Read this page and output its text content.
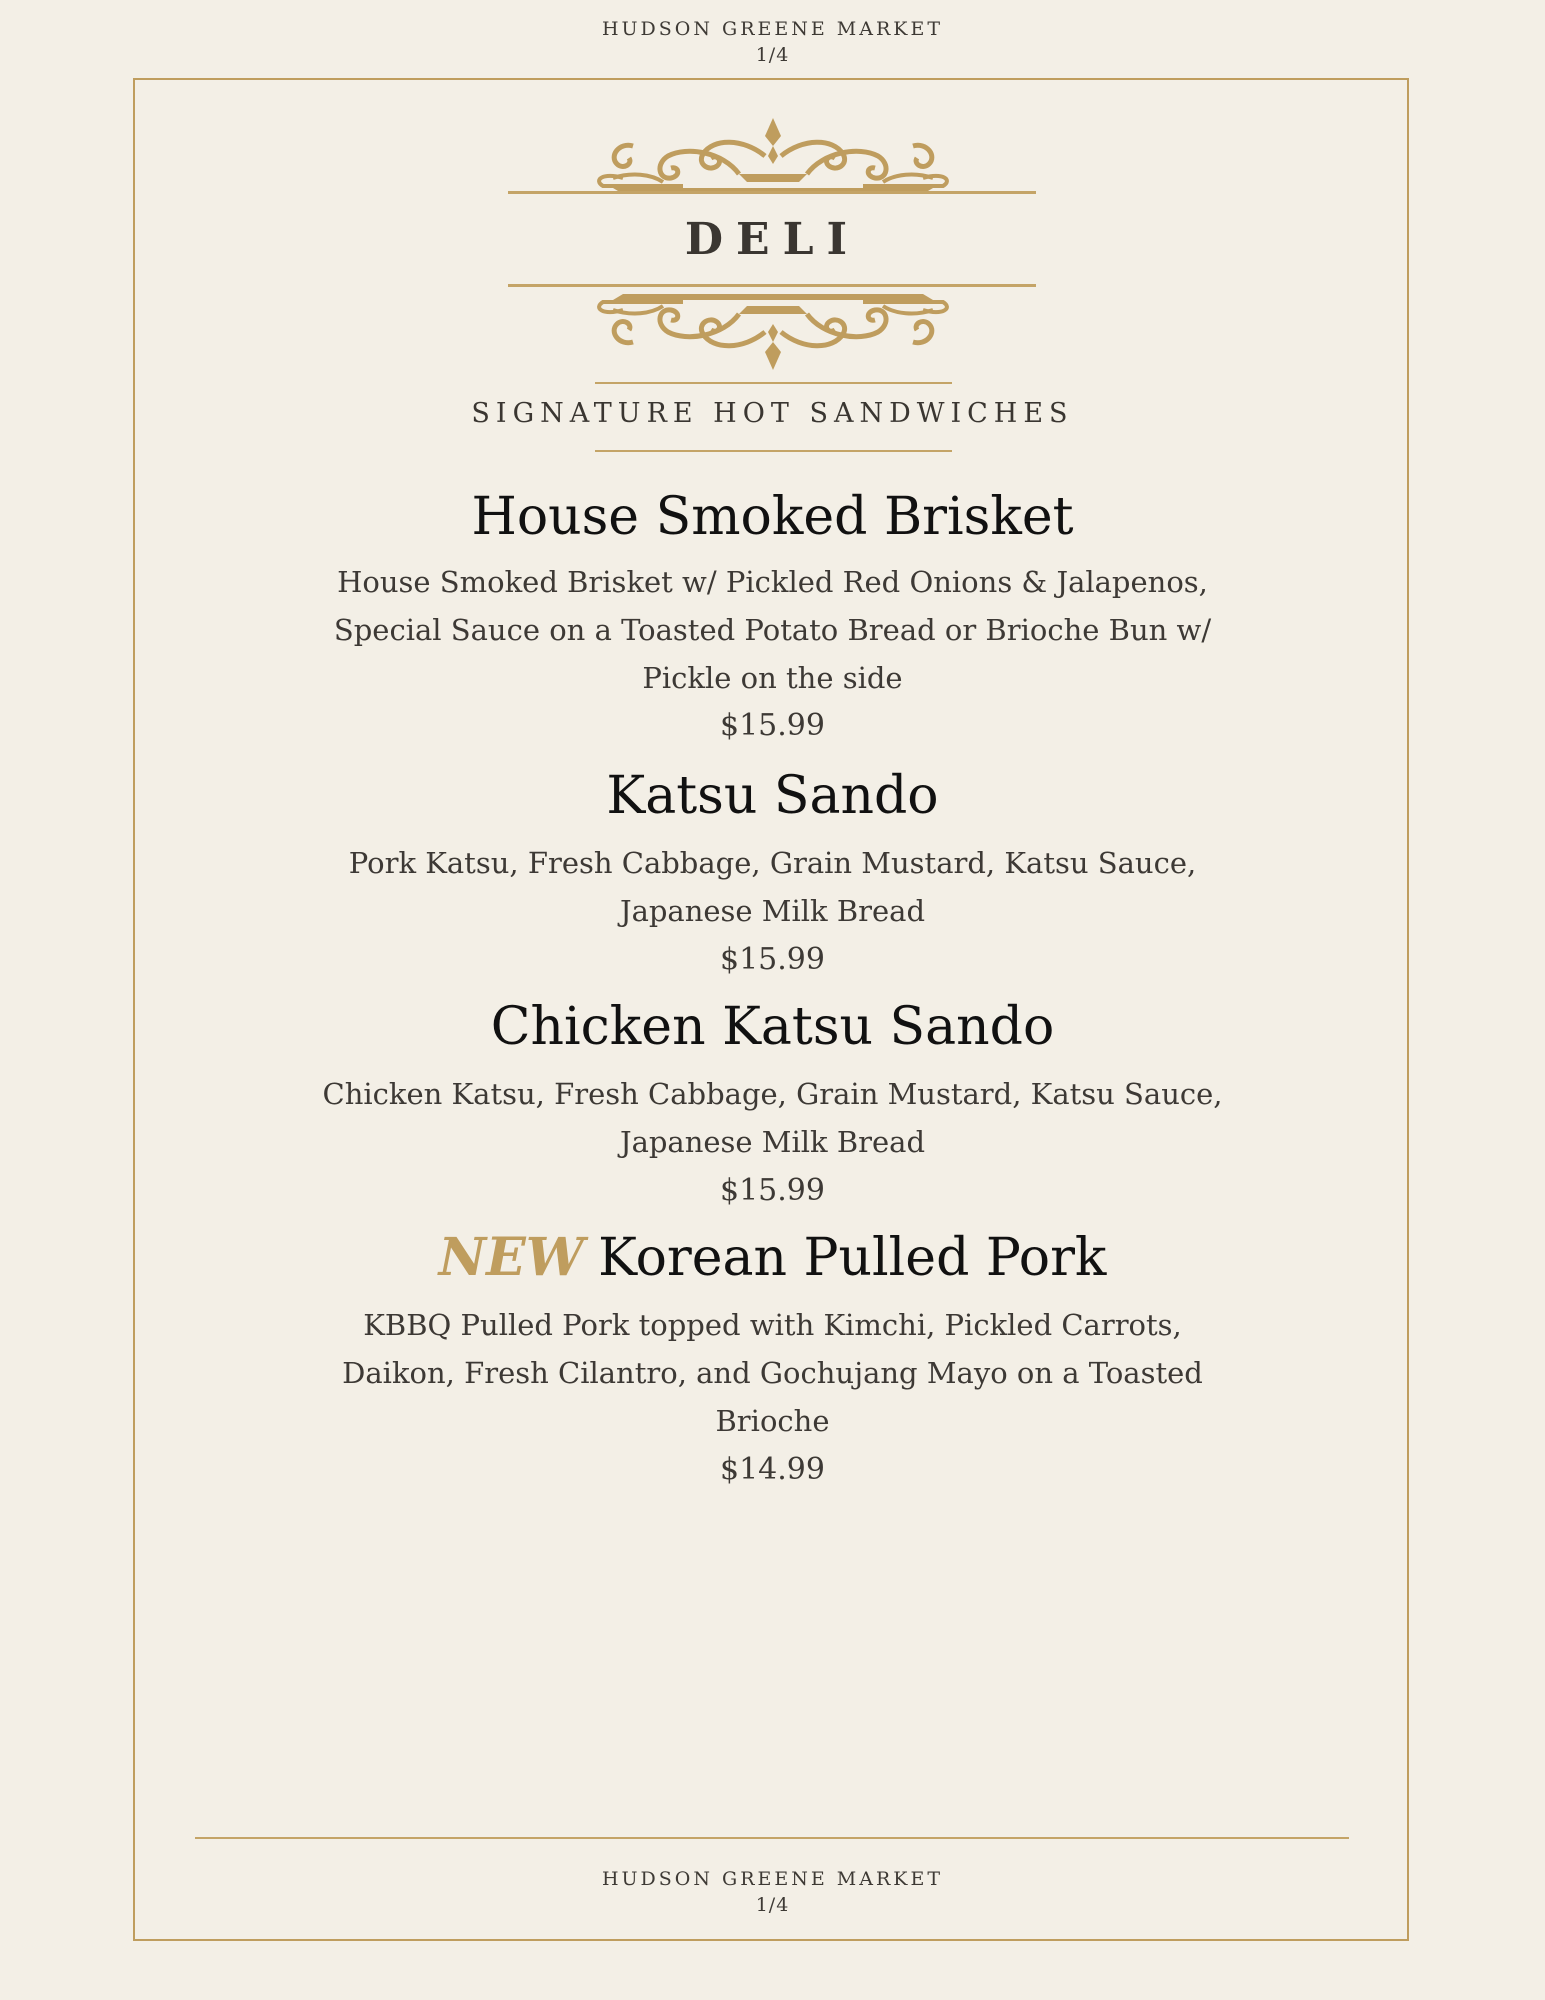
HUDSON GREENE MARKET
1/4
DELI
SIGNATURE HOT SANDWICHES
House Smoked Brisket
House Smoked Brisket w/ Pickled Red Onions & Jalapenos,
Special Sauce on a Toasted Potato Bread or Brioche Bun w/
Pickle on the side
$15.99
Katsu Sando
Pork Katsu, Fresh Cabbage, Grain Mustard, Katsu Sauce,
Japanese Milk Bread
$15.99
Chicken Katsu Sando
Chicken Katsu, Fresh Cabbage, Grain Mustard, Katsu Sauce,
Japanese Milk Bread
$15.99
NEW Korean Pulled Pork
KBBQ Pulled Pork topped with Kimchi, Pickled Carrots,
Daikon, Fresh Cilantro, and Gochujang Mayo on a Toasted
Brioche
$14.99
HUDSON GREENE MARKET
1/4
